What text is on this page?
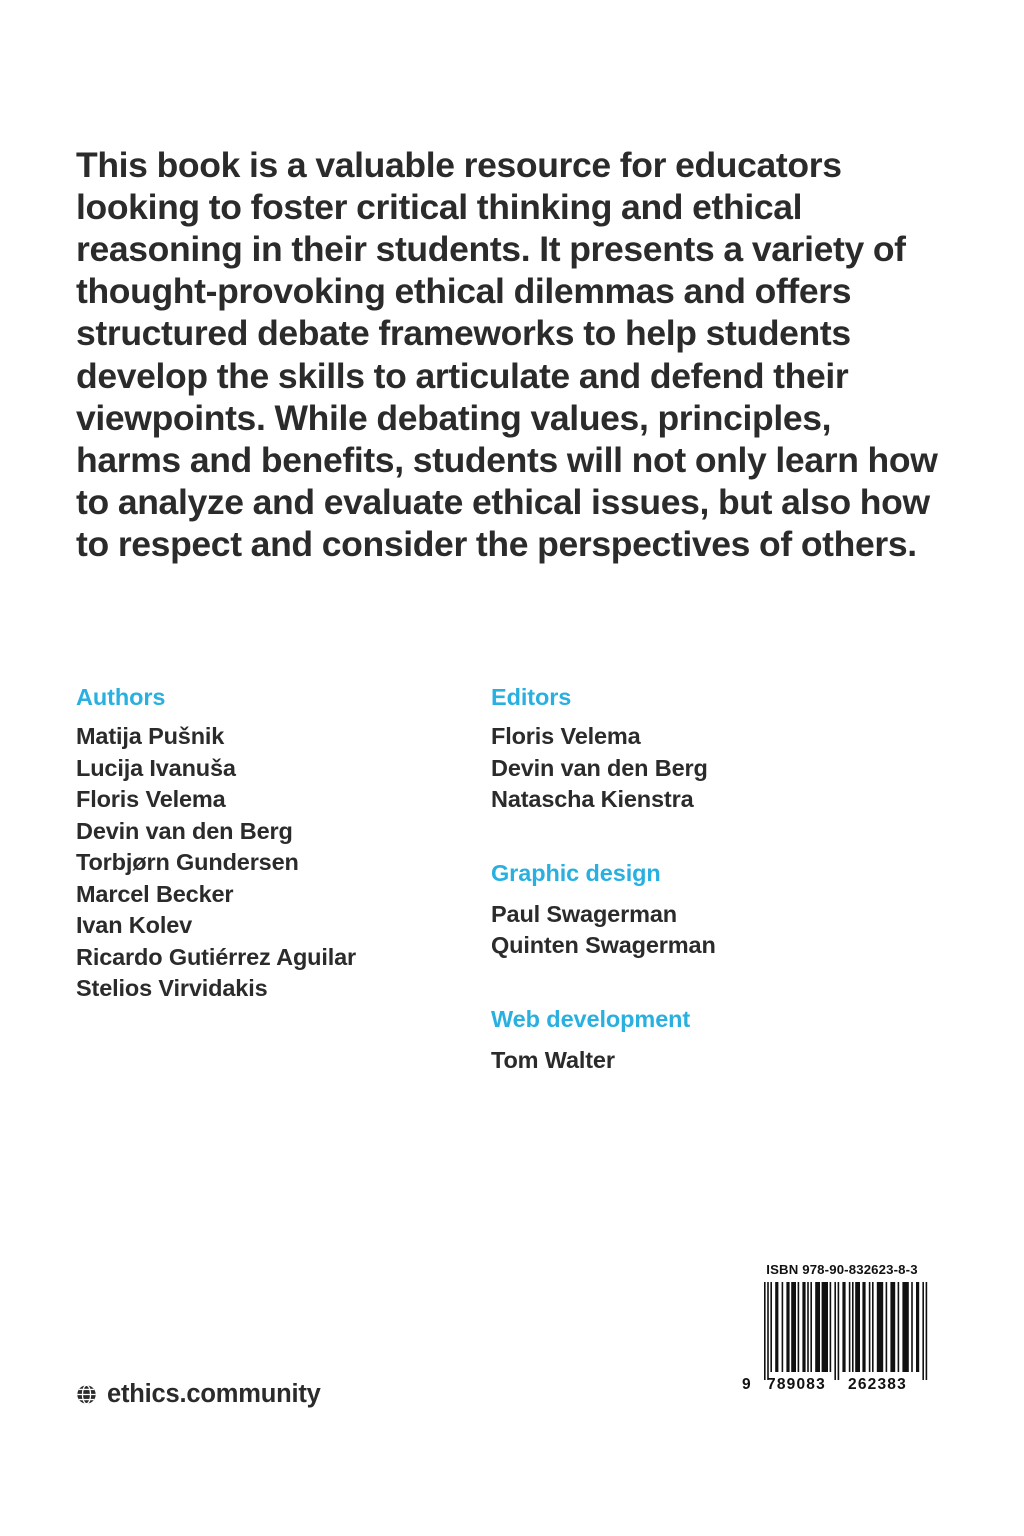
This book is a valuable resource for educators looking to foster critical thinking and ethical reasoning in their students. It presents a variety of thought-provoking ethical dilemmas and offers structured debate frameworks to help students develop the skills to articulate and defend their viewpoints. While debating values, principles, harms and benefits, students will not only learn how to analyze and evaluate ethical issues, but also how to respect and consider the perspectives of others.

Authors
Matija Pušnik
Lucija Ivanuša
Floris Velema
Devin van den Berg
Torbjørn Gundersen
Marcel Becker
Ivan Kolev
Ricardo Gutiérrez Aguilar
Stelios Virvidakis
Editors
Floris Velema
Devin van den Berg
Natascha Kienstra
Graphic design
Paul Swagerman
Quinten Swagerman
Web development
Tom Walter
ethics.community
ISBN 978-90-832623-8-3
9 789083 262383
